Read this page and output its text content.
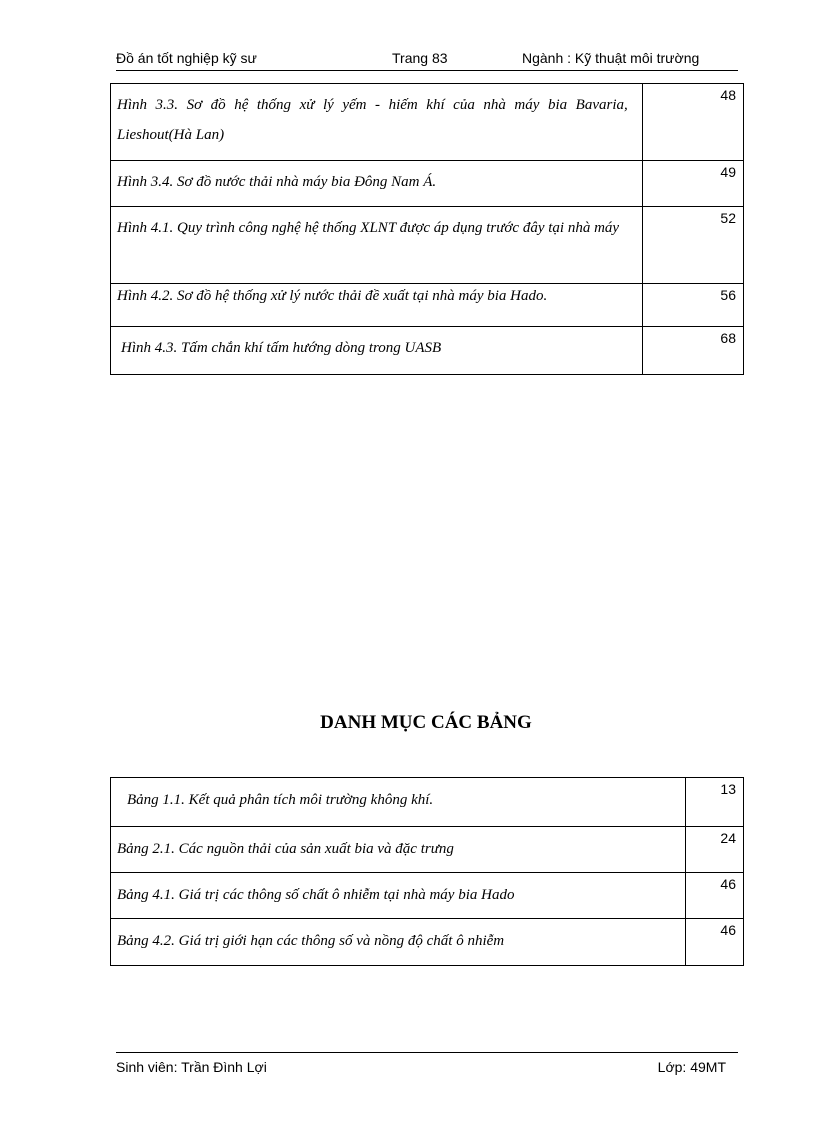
Đồ án tốt nghiệp kỹ sư	Trang 83	Ngành : Kỹ thuật môi trường
Hình 3.3. Sơ đồ hệ thống xử lý yếm - hiếm khí của nhà máy bia Bavaria, Lieshout(Hà Lan)	48
Hình 3.4. Sơ đồ nước thải nhà máy bia Đông Nam Á.	49
Hình 4.1. Quy trình công nghệ hệ thống XLNT được áp dụng trước đây tại nhà máy	52
Hình 4.2. Sơ đồ hệ thống xử lý nước thải đề xuất tại nhà máy bia Hado.	56
Hình 4.3. Tấm chắn khí tấm hướng dòng trong UASB	68
DANH MỤC CÁC BẢNG
Bảng 1.1. Kết quả phân tích môi trường không khí.	13
Bảng 2.1. Các nguồn thải của sản xuất bia và đặc trưng	24
Bảng 4.1. Giá trị các thông số chất ô nhiễm tại nhà máy bia Hado	46
Bảng 4.2. Giá trị giới hạn các thông số và nồng độ chất ô nhiễm	46
Sinh viên: Trần Đình Lợi	Lớp: 49MT
